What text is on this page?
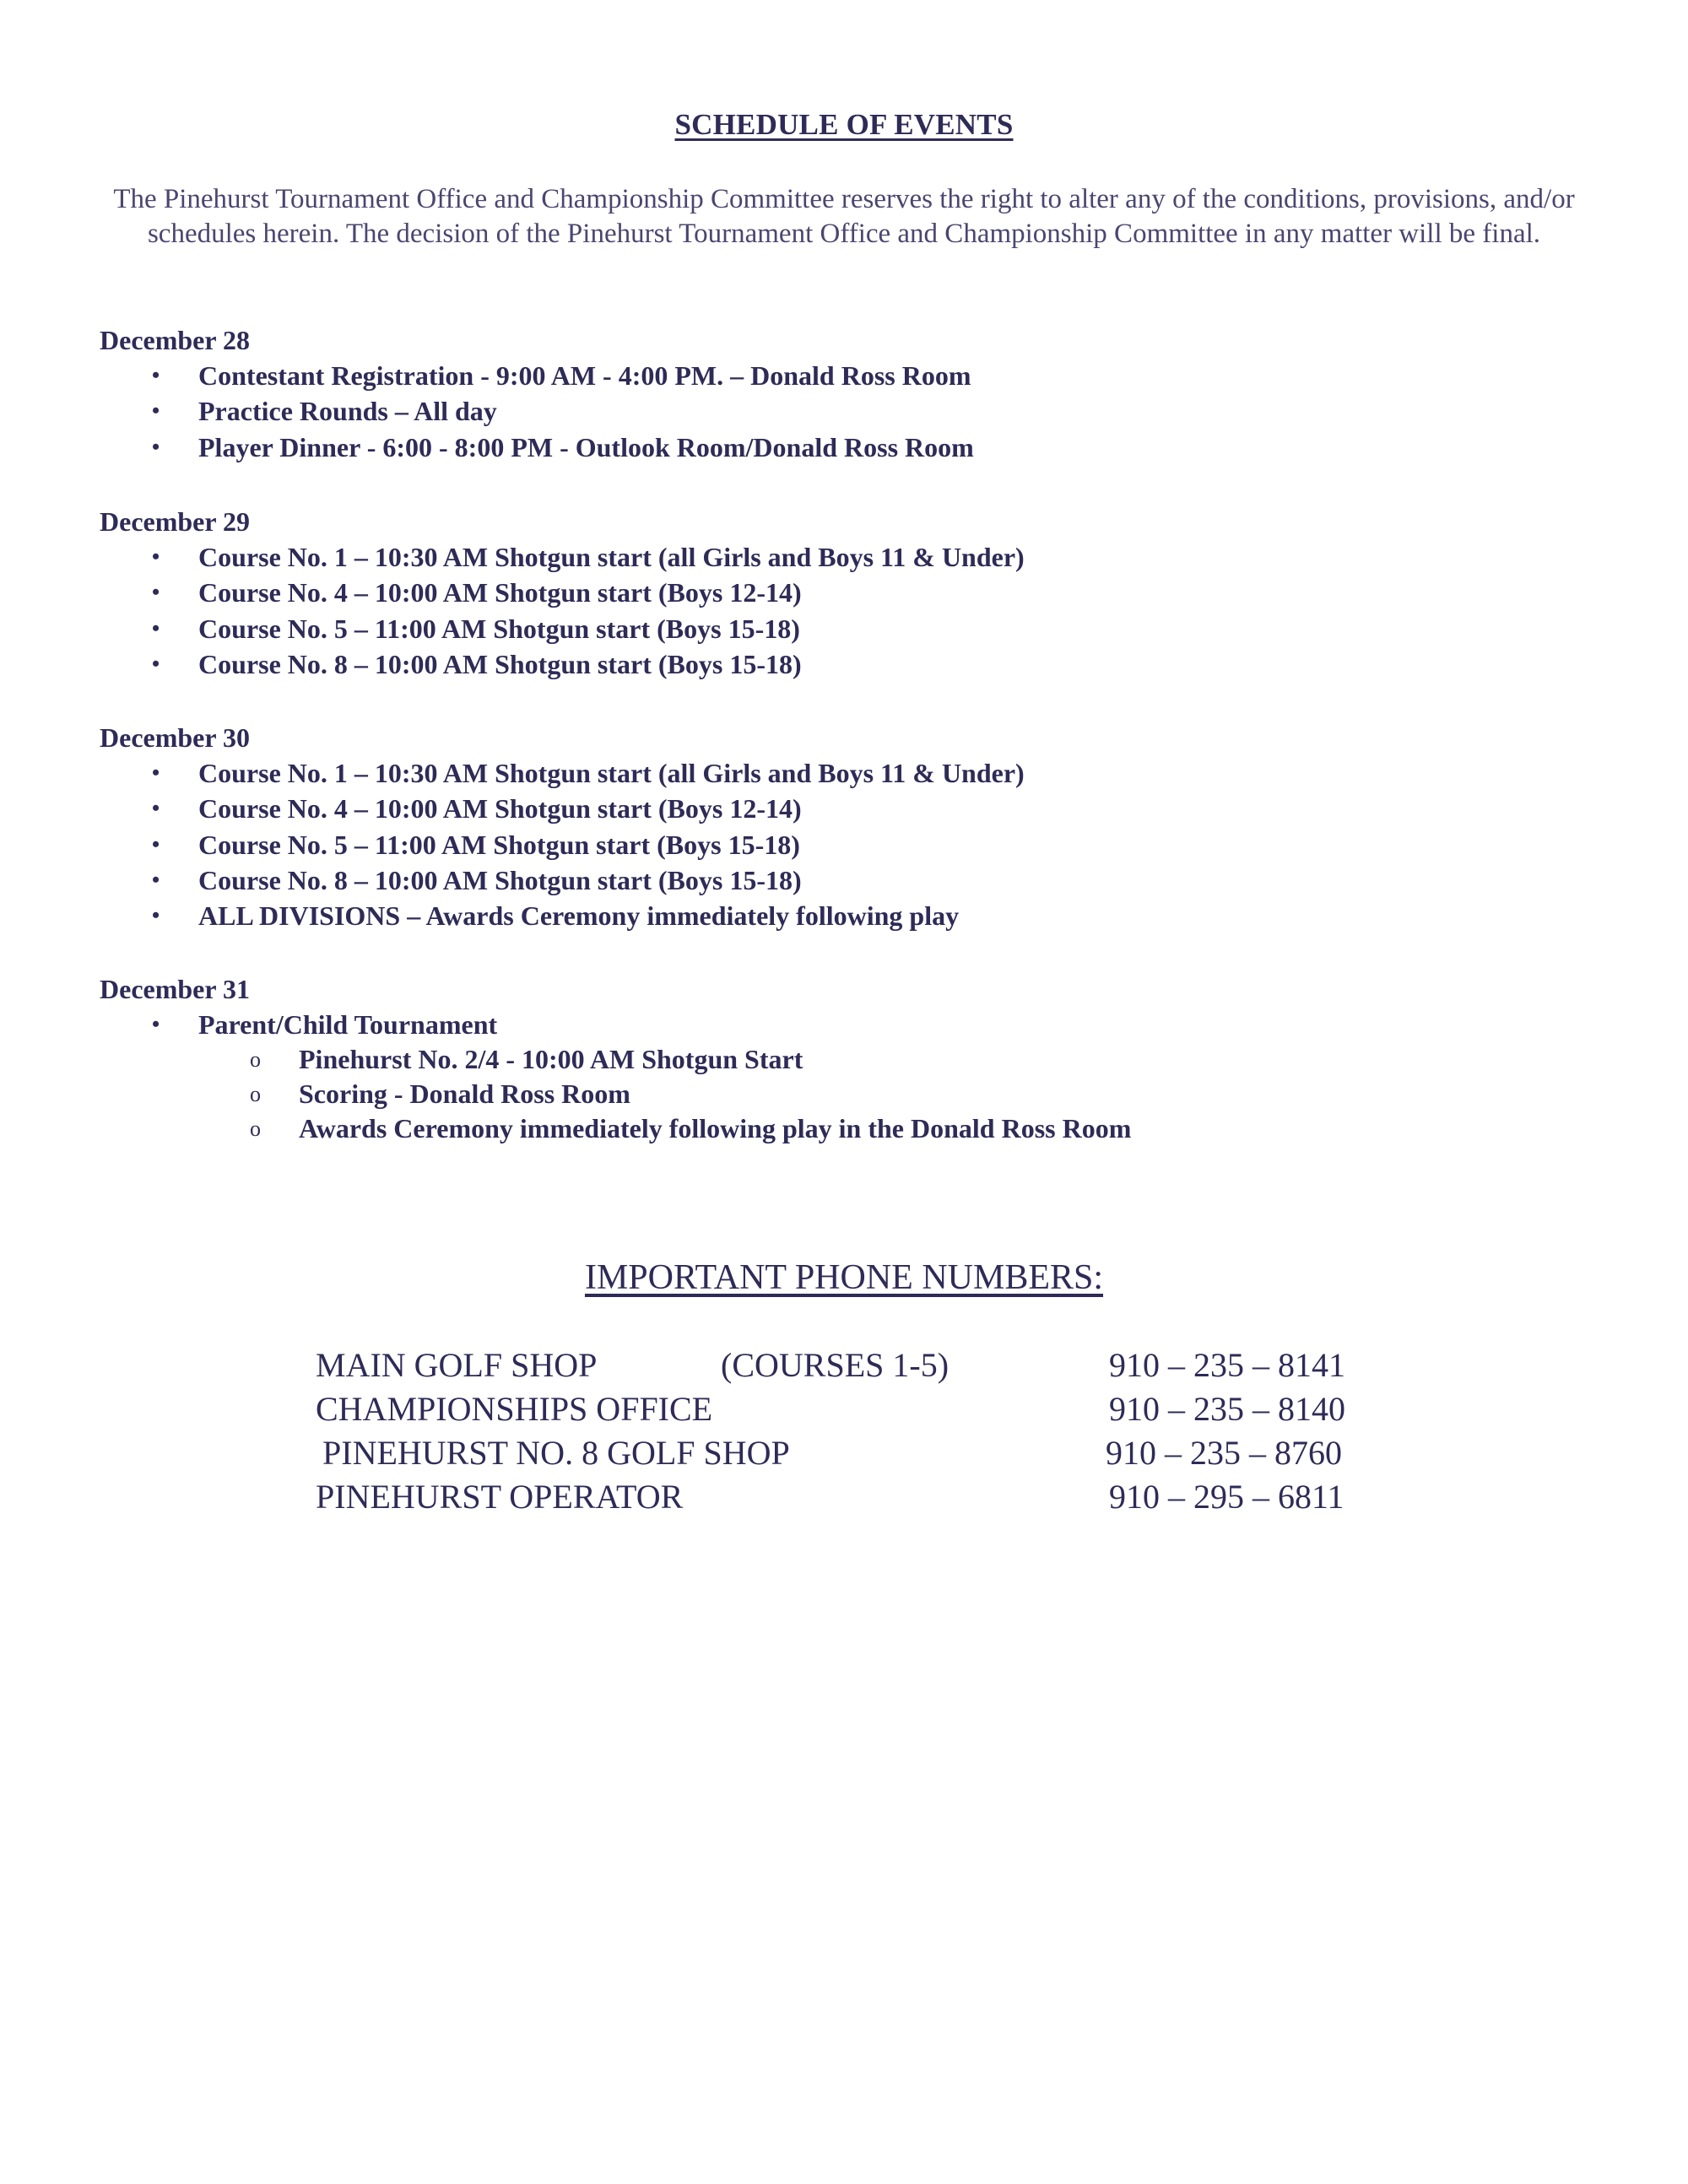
SCHEDULE OF EVENTS
The Pinehurst Tournament Office and Championship Committee reserves the right to alter any of the conditions, provisions, and/or schedules herein. The decision of the Pinehurst Tournament Office and Championship Committee in any matter will be final.
December 28
• Contestant Registration - 9:00 AM - 4:00 PM. – Donald Ross Room
• Practice Rounds – All day
• Player Dinner - 6:00 - 8:00 PM - Outlook Room/Donald Ross Room
December 29
• Course No. 1 – 10:30 AM Shotgun start (all Girls and Boys 11 & Under)
• Course No. 4 – 10:00 AM Shotgun start (Boys 12-14)
• Course No. 5 – 11:00 AM Shotgun start (Boys 15-18)
• Course No. 8 – 10:00 AM Shotgun start (Boys 15-18)
December 30
• Course No. 1 – 10:30 AM Shotgun start (all Girls and Boys 11 & Under)
• Course No. 4 – 10:00 AM Shotgun start (Boys 12-14)
• Course No. 5 – 11:00 AM Shotgun start (Boys 15-18)
• Course No. 8 – 10:00 AM Shotgun start (Boys 15-18)
• ALL DIVISIONS – Awards Ceremony immediately following play
December 31
• Parent/Child Tournament
o Pinehurst No. 2/4 - 10:00 AM Shotgun Start
o Scoring - Donald Ross Room
o Awards Ceremony immediately following play in the Donald Ross Room
IMPORTANT PHONE NUMBERS:
MAIN GOLF SHOP	(COURSES 1-5)	910 – 235 – 8141
CHAMPIONSHIPS OFFICE	910 – 235 – 8140
PINEHURST NO. 8 GOLF SHOP	910 – 235 – 8760
PINEHURST OPERATOR	910 – 295 – 6811
